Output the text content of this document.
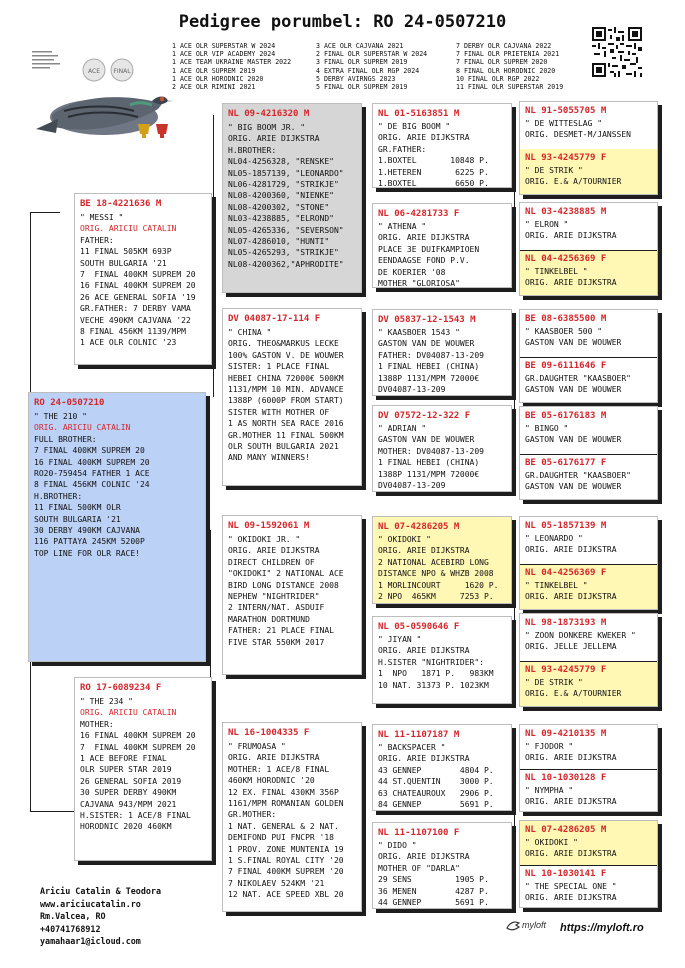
Pedigree porumbel: RO 24-0507210
ACE FINAL
1 ACE OLR SUPERSTAR W 2024
1 ACE OLR VIP ACADEMY 2024
1 ACE TEAM UKRAINE MASTER 2022
1 ACE OLR SUPREM 2019
1 ACE OLR HORODNIC 2020
2 ACE OLR RIMINI 2021
3 ACE OLR CAJVANA 2021
2 FINAL OLR SUPERSTAR W 2024
3 FINAL OLR SUPREM 2019
4 EXTRA FINAL OLR RGP 2024
5 DERBY AVIRNGS 2023
5 FINAL OLR SUPREM 2019
7 DERBY OLR CAJVANA 2022
7 FINAL OLR PRIETENIA 2021
7 FINAL OLR SUPREM 2020
8 FINAL OLR HORODNIC 2020
10 FINAL OLR RGP 2022
11 FINAL OLR SUPERSTAR 2019
RO 24-0507210
" THE 210 "
ORIG. ARICIU CATALIN
FULL BROTHER:
7 FINAL 400KM SUPREM 20
16 FINAL 400KM SUPREM 20
RO20-759454 FATHER 1 ACE
8 FINAL 456KM COLNIC '24
H.BROTHER:
11 FINAL 500KM OLR
SOUTH BULGARIA '21
30 DERBY 490KM CAJVANA
116 PATTAYA 245KM 5200P
TOP LINE FOR OLR RACE!
BE 18-4221636 M
" MESSI "
ORIG. ARICIU CATALIN
FATHER:
11 FINAL 505KM 693P
SOUTH BULGARIA '21
7  FINAL 400KM SUPREM 20
16 FINAL 400KM SUPREM 20
26 ACE GENERAL SOFIA '19
GR.FATHER: 7 DERBY VAMA
VECHE 490KM CAJVANA '22
8 FINAL 456KM 1139/MPM
1 ACE OLR COLNIC '23
RO 17-6089234 F
" THE 234 "
ORIG. ARICIU CATALIN
MOTHER:
16 FINAL 400KM SUPREM 20
7  FINAL 400KM SUPREM 20
1 ACE BEFORE FINAL
OLR SUPER STAR 2019
26 GENERAL SOFIA 2019
30 SUPER DERBY 490KM
CAJVANA 943/MPM 2021
H.SISTER: 1 ACE/8 FINAL
HORODNIC 2020 460KM
NL 09-4216320 M
" BIG BOOM JR. "
ORIG. ARIE DIJKSTRA
H.BROTHER:
NL04-4256328, "RENSKE"
NL05-1857139, "LEONARDO"
NL06-4281729, "STRIKJE"
NL08-4200360, "NIENKE"
NL08-4200302, "STONE"
NL03-4238885, "ELROND"
NL05-4265336, "SEVERSON"
NL07-4286010, "HUNTI"
NL05-4265293, "STRIKJE"
NL08-4200362,"APHRODITE"
DV 04087-17-114 F
" CHINA "
ORIG. THEO&MARKUS LECKE
100% GASTON V. DE WOUWER
SISTER: 1 PLACE FINAL
HEBEI CHINA 72000€ 500KM
1131/MPM 10 MIN. ADVANCE
1388P (6000P FROM START)
SISTER WITH MOTHER OF
1 AS NORTH SEA RACE 2016
GR.MOTHER 11 FINAL 500KM
OLR SOUTH BULGARIA 2021
AND MANY WINNERS!
NL 09-1592061 M
" OKIDOKI JR. "
ORIG. ARIE DIJKSTRA
DIRECT CHILDREN OF
"OKIDOKI" 2 NATIONAL ACE
BIRD LONG DISTANCE 2008
NEPHEW "NIGHTRIDER"
2 INTERN/NAT. ASDUIF
MARATHON DORTMUND
FATHER: 21 PLACE FINAL
FIVE STAR 550KM 2017
NL 16-1004335 F
" FRUMOASA "
ORIG. ARIE DIJKSTRA
MOTHER: 1 ACE/8 FINAL
460KM HORODNIC '20
12 EX. FINAL 430KM 356P
1161/MPM ROMANIAN GOLDEN
GR.MOTHER:
1 NAT. GENERAL & 2 NAT.
DEMIFOND PUI FNCPR '18
1 PROV. ZONE MUNTENIA 19
1 S.FINAL ROYAL CITY '20
7 FINAL 400KM SUPREM '20
7 NIKOLAEV 524KM '21
12 NAT. ACE SPEED XBL 20
NL 01-5163851 M
" DE BIG BOOM "
ORIG. ARIE DIJKSTRA
GR.FATHER:
1.BOXTEL       10848 P.
1.HETEREN       6225 P.
1.BOXTEL        6650 P.
NL 06-4281733 F
" ATHENA "
ORIG. ARIE DIJKSTRA
PLACE 3E DUIFKAMPIOEN
EENDAAGSE FOND P.V.
DE KOERIER '08
MOTHER "GLORIOSA"
DV 05837-12-1543 M
" KAASBOER 1543 "
GASTON VAN DE WOUWER
FATHER: DV04087-13-209
1 FINAL HEBEI (CHINA)
1388P 1131/MPM 72000€
DV04087-13-209
DV 07572-12-322 F
" ADRIAN "
GASTON VAN DE WOUWER
MOTHER: DV04087-13-209
1 FINAL HEBEI (CHINA)
1388P 1131/MPM 72000€
DV04087-13-209
NL 07-4286205 M
" OKIDOKI "
ORIG. ARIE DIJKSTRA
2 NATIONAL ACEBIRD LONG
DISTANCE NPO & WHZB 2008
1 MORLINCOURT     1620 P.
2 NPO  465KM     7253 P.
NL 05-0590646 F
" JIYAN "
ORIG. ARIE DIJKSTRA
H.SISTER "NIGHTRIDER":
1  NPO   1871 P.   983KM
10 NAT. 31373 P. 1023KM
NL 11-1107187 M
" BACKSPACER "
ORIG. ARIE DIJKSTRA
43 GENNEP        4804 P.
44 ST.QUENTIN    3000 P.
63 CHATEAUROUX   2906 P.
84 GENNEP        5691 P.
NL 11-1107100 F
" DIDO "
ORIG. ARIE DIJKSTRA
MOTHER OF "DARLA"
29 SENS         1905 P.
36 MENEN        4287 P.
44 GENNEP       5691 P.
NL 91-5055705 M
" DE WITTESLAG "
ORIG. DESMET-M/JANSSEN
NL 93-4245779 F
" DE STRIK "
ORIG. E.& A/TOURNIER
NL 03-4238885 M
" ELRON "
ORIG. ARIE DIJKSTRA
NL 04-4256369 F
" TINKELBEL "
ORIG. ARIE DIJKSTRA
BE 08-6385500 M
" KAASBOER 500 "
GASTON VAN DE WOUWER
BE 09-6111646 F
GR.DAUGHTER "KAASBOER"
GASTON VAN DE WOUWER
BE 05-6176183 M
" BINGO "
GASTON VAN DE WOUWER
BE 05-6176177 F
GR.DAUGHTER "KAASBOER"
GASTON VAN DE WOUWER
NL 05-1857139 M
" LEONARDO "
ORIG. ARIE DIJKSTRA
NL 04-4256369 F
" TINKELBEL "
ORIG. ARIE DIJKSTRA
NL 98-1873193 M
" ZOON DONKERE KWEKER "
ORIG. JELLE JELLEMA
NL 93-4245779 F
" DE STRIK "
ORIG. E.& A/TOURNIER
NL 09-4210135 M
" FJODOR "
ORIG. ARIE DIJKSTRA
NL 10-1030128 F
" NYMPHA "
ORIG. ARIE DIJKSTRA
NL 07-4286205 M
" OKIDOKI "
ORIG. ARIE DIJKSTRA
NL 10-1030141 F
" THE SPECIAL ONE "
ORIG. ARIE DIJKSTRA
Ariciu Catalin & Teodora
www.ariciucatalin.ro
Rm.Valcea, RO
+40741768912
yamahaar1@icloud.com
myloft https://myloft.ro
